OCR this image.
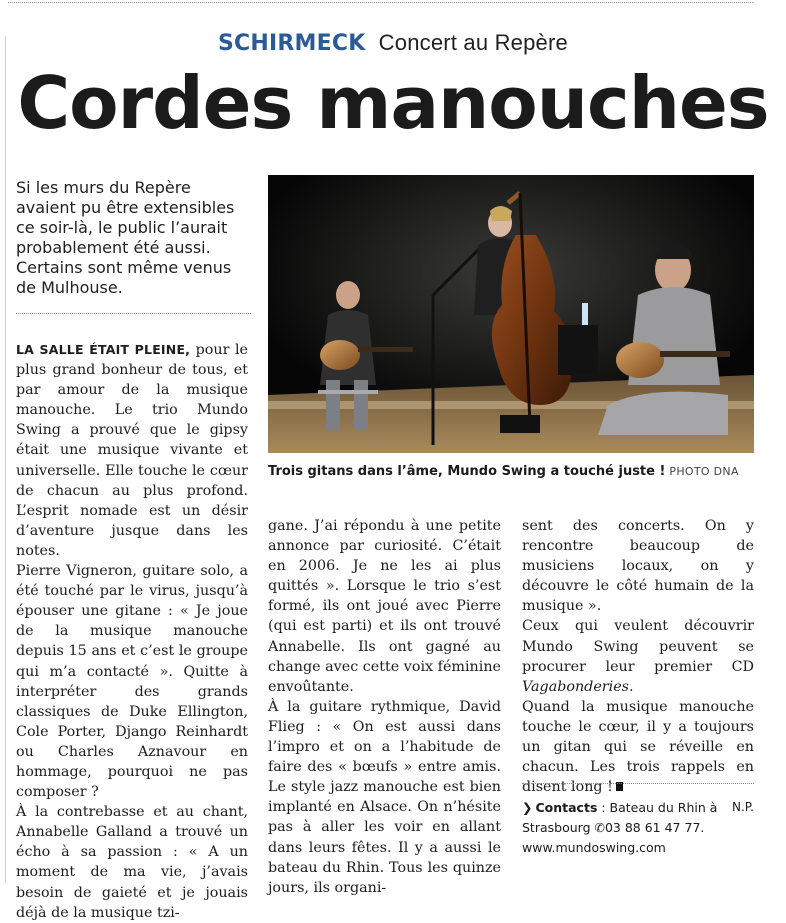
SCHIRMECK Concert au Repère
Cordes manouches
Si les murs du Repère avaient pu être extensibles ce soir-là, le public l’aurait probablement été aussi. Certains sont même venus de Mulhouse.

LA SALLE ÉTAIT PLEINE, pour le plus grand bonheur de tous, et par amour de la musique manouche. Le trio Mundo Swing a prouvé que le gipsy était une musique vivante et universelle. Elle touche le cœur de chacun au plus profond. L’esprit nomade est un désir d’aventure jusque dans les notes.

Pierre Vigneron, guitare solo, a été touché par le virus, jusqu’à épouser une gitane : « Je joue de la musique manouche depuis 15 ans et c’est le groupe qui m’a contacté ». Quitte à interpréter des grands classiques de Duke Ellington, Cole Porter, Django Reinhardt ou Charles Aznavour en hommage, pourquoi ne pas composer ?

À la contrebasse et au chant, Annabelle Galland a trouvé un écho à sa passion : « A un moment de ma vie, j’avais besoin de gaieté et je jouais déjà de la musique tzi-

Trois gitans dans l’âme, Mundo Swing a touché juste ! PHOTO DNA

gane. J’ai répondu à une petite annonce par curiosité. C’était en 2006. Je ne les ai plus quittés ». Lorsque le trio s’est formé, ils ont joué avec Pierre (qui est parti) et ils ont trouvé Annabelle. Ils ont gagné au change avec cette voix féminine envoûtante.

À la guitare rythmique, David Flieg : « On est aussi dans l’impro et on a l’habitude de faire des « bœufs » entre amis. Le style jazz manouche est bien implanté en Alsace. On n’hésite pas à aller les voir en allant dans leurs fêtes. Il y a aussi le bateau du Rhin. Tous les quinze jours, ils organi-

sent des concerts. On y rencontre beaucoup de musiciens locaux, on y découvre le côté humain de la musique ».

Ceux qui veulent découvrir Mundo Swing peuvent se procurer leur premier CD Vagabonderies.

Quand la musique manouche touche le cœur, il y a toujours un gitan qui se réveille en chacun. Les trois rappels en disent long !

N.P.

❯ Contacts : Bateau du Rhin à Strasbourg ✆03 88 61 47 77.
www.mundoswing.com
